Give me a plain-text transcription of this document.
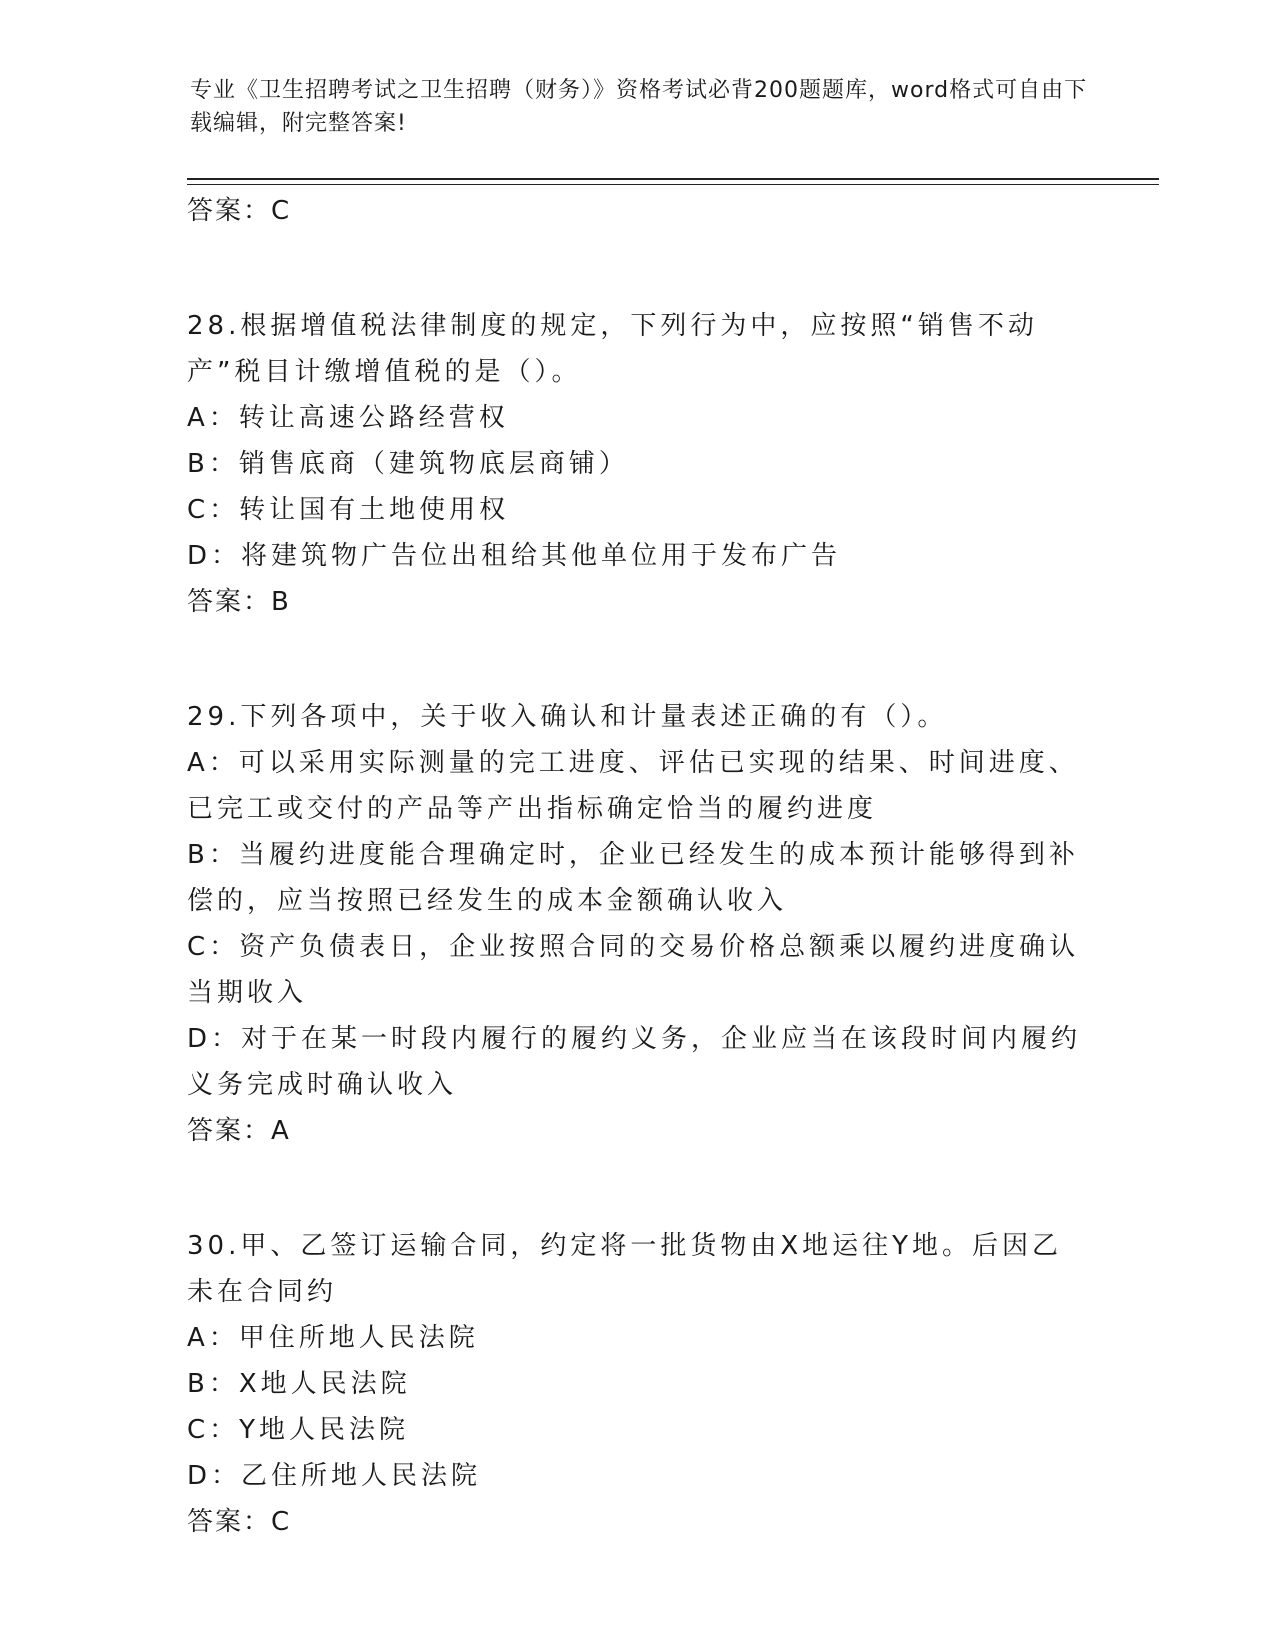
专业《卫生招聘考试之卫生招聘（财务）》资格考试必背200题题库，word格式可自由下载编辑，附完整答案!
答案：C
28.根据增值税法律制度的规定，下列行为中，应按照“销售不动产”税目计缴增值税的是（）。
A：转让高速公路经营权
B：销售底商（建筑物底层商铺）
C：转让国有土地使用权
D：将建筑物广告位出租给其他单位用于发布广告
答案：B
29.下列各项中，关于收入确认和计量表述正确的有（）。
A：可以采用实际测量的完工进度、评估已实现的结果、时间进度、已完工或交付的产品等产出指标确定恰当的履约进度
B：当履约进度能合理确定时，企业已经发生的成本预计能够得到补偿的，应当按照已经发生的成本金额确认收入
C：资产负债表日，企业按照合同的交易价格总额乘以履约进度确认当期收入
D：对于在某一时段内履行的履约义务，企业应当在该段时间内履约义务完成时确认收入
答案：A
30.甲、乙签订运输合同，约定将一批货物由X地运往Y地。后因乙未在合同约
A：甲住所地人民法院
B：X地人民法院
C：Y地人民法院
D：乙住所地人民法院
答案：C
